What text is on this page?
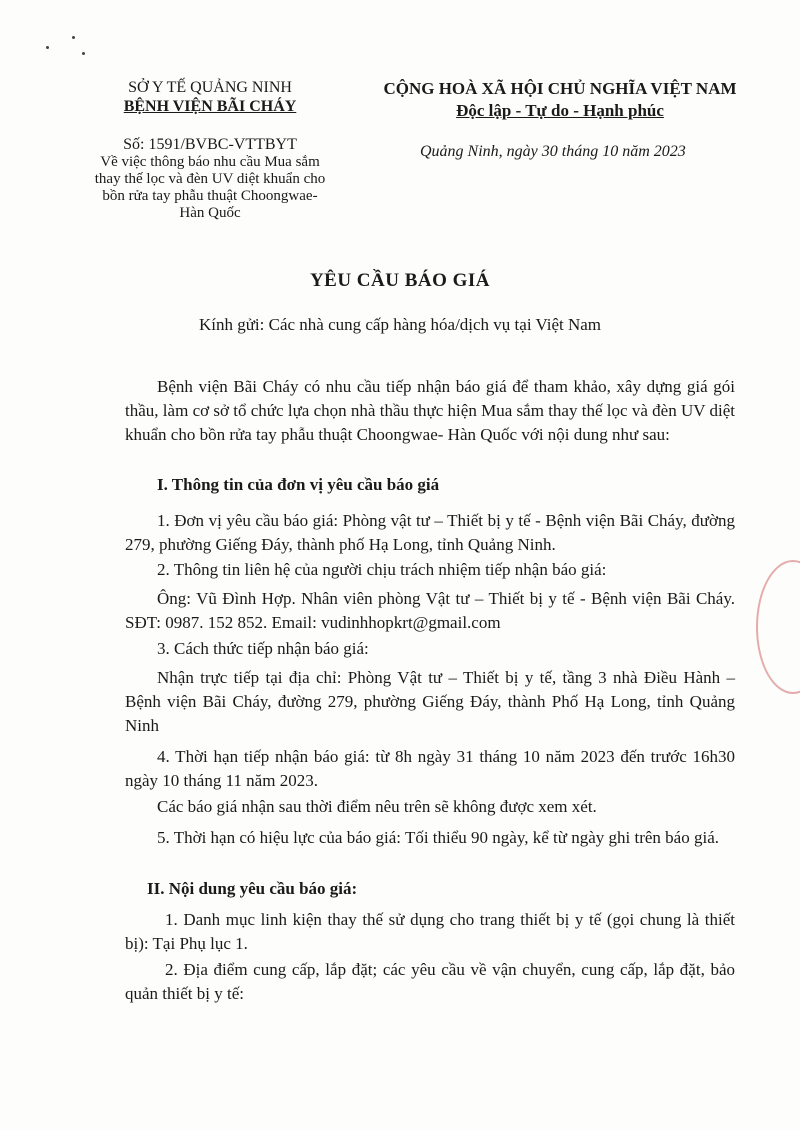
SỞ Y TẾ QUẢNG NINH
BỆNH VIỆN BÃI CHÁY
CỘNG HOÀ XÃ HỘI CHỦ NGHĨA VIỆT NAM
Độc lập - Tự do - Hạnh phúc
Số: 1591/BVBC-VTTBYT
Về việc thông báo nhu cầu Mua sắm thay thế lọc và đèn UV diệt khuẩn cho bồn rửa tay phẫu thuật Choongwae- Hàn Quốc
Quảng Ninh, ngày 30 tháng 10 năm 2023
YÊU CẦU BÁO GIÁ
Kính gửi: Các nhà cung cấp hàng hóa/dịch vụ tại Việt Nam

Bệnh viện Bãi Cháy có nhu cầu tiếp nhận báo giá để tham khảo, xây dựng giá gói thầu, làm cơ sở tổ chức lựa chọn nhà thầu thực hiện Mua sắm thay thế lọc và đèn UV diệt khuẩn cho bồn rửa tay phẫu thuật Choongwae- Hàn Quốc với nội dung như sau:

I. Thông tin của đơn vị yêu cầu báo giá

1. Đơn vị yêu cầu báo giá: Phòng vật tư – Thiết bị y tế - Bệnh viện Bãi Cháy, đường 279, phường Giếng Đáy, thành phố Hạ Long, tỉnh Quảng Ninh.

2. Thông tin liên hệ của người chịu trách nhiệm tiếp nhận báo giá:

Ông: Vũ Đình Hợp. Nhân viên phòng Vật tư – Thiết bị y tế - Bệnh viện Bãi Cháy. SĐT: 0987. 152 852. Email: vudinhhopkrt@gmail.com

3. Cách thức tiếp nhận báo giá:

Nhận trực tiếp tại địa chỉ: Phòng Vật tư – Thiết bị y tế, tầng 3 nhà Điều Hành – Bệnh viện Bãi Cháy, đường 279, phường Giếng Đáy, thành Phố Hạ Long, tỉnh Quảng Ninh

4. Thời hạn tiếp nhận báo giá: từ 8h ngày 31 tháng 10 năm 2023 đến trước 16h30 ngày 10 tháng 11 năm 2023.

Các báo giá nhận sau thời điểm nêu trên sẽ không được xem xét.

5. Thời hạn có hiệu lực của báo giá: Tối thiểu 90 ngày, kể từ ngày ghi trên báo giá.

II. Nội dung yêu cầu báo giá:

1. Danh mục linh kiện thay thế sử dụng cho trang thiết bị y tế (gọi chung là thiết bị): Tại Phụ lục 1.

2. Địa điểm cung cấp, lắp đặt; các yêu cầu về vận chuyển, cung cấp, lắp đặt, bảo quản thiết bị y tế:
